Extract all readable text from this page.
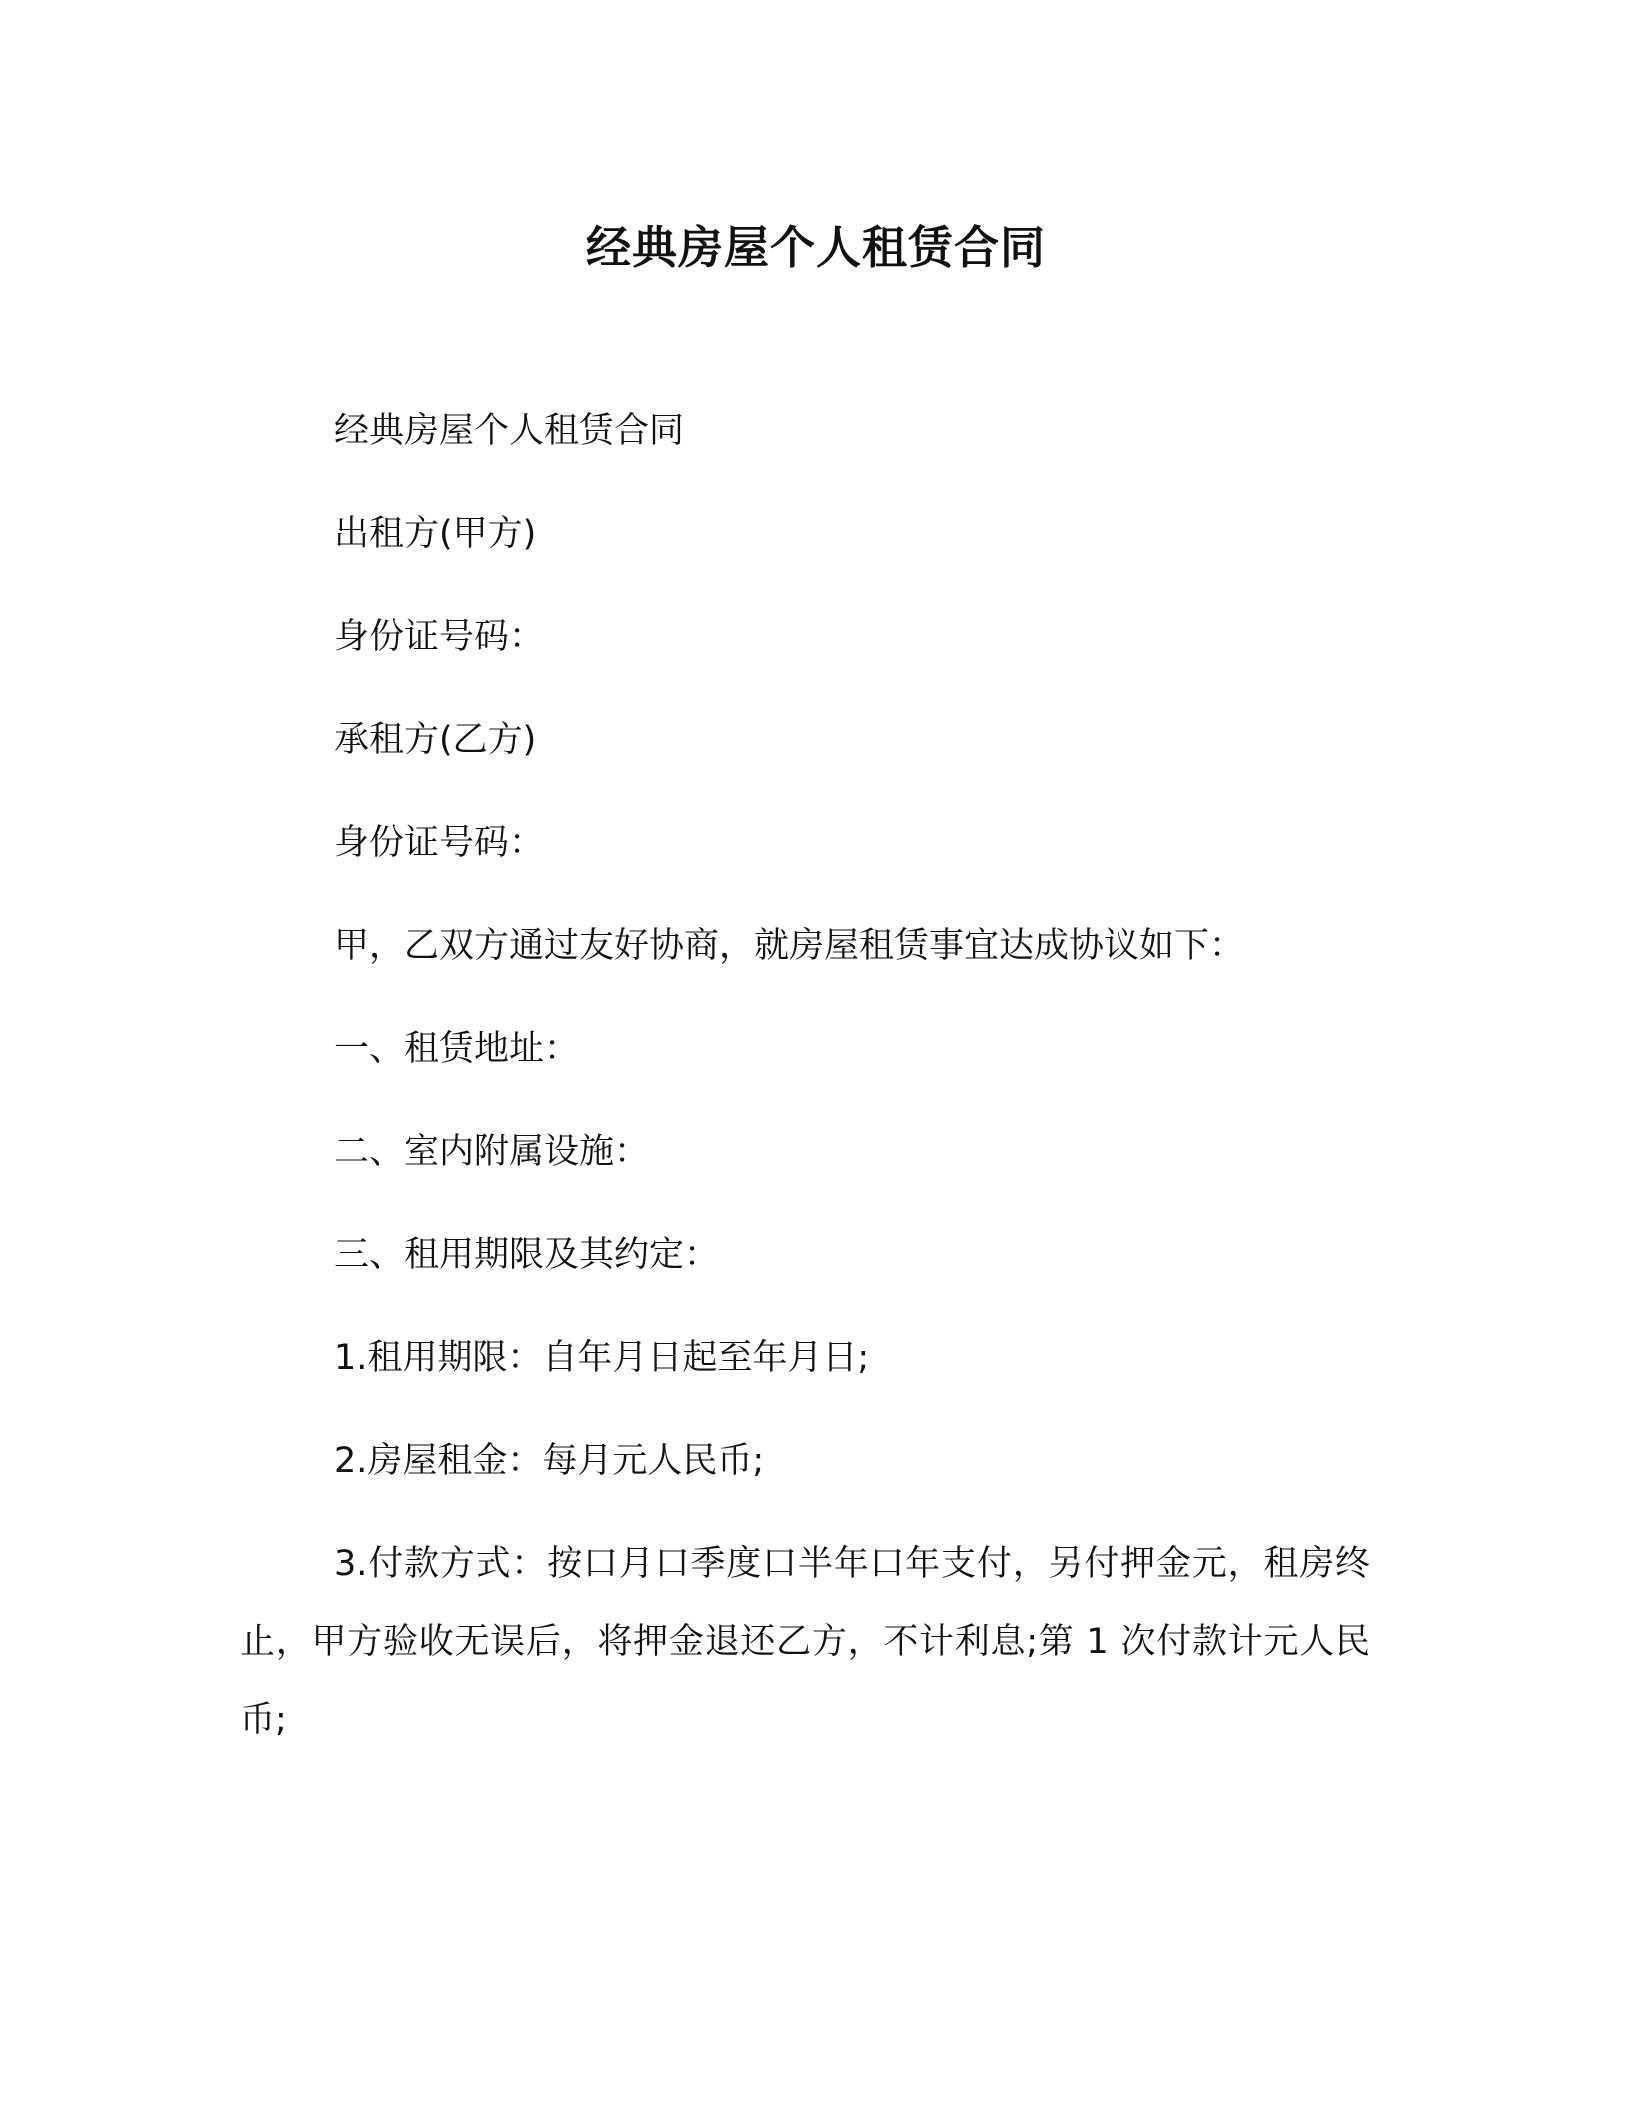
经典房屋个人租赁合同

经典房屋个人租赁合同

出租方(甲方)

身份证号码：

承租方(乙方)

身份证号码：

甲，乙双方通过友好协商，就房屋租赁事宜达成协议如下：

一、租赁地址：

二、室内附属设施：

三、租用期限及其约定：

1.租用期限：自年月日起至年月日;

2.房屋租金：每月元人民币;

3.付款方式：按口月口季度口半年口年支付，另付押金元，租房终止，甲方验收无误后，将押金退还乙方，不计利息;第 1 次付款计元人民币;
